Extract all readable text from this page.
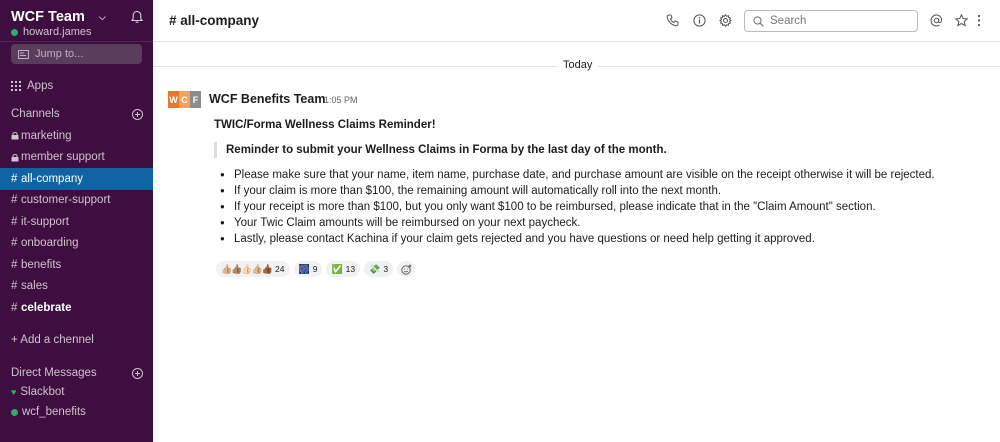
WCF Team ⌵
howard.james
Jump to...
Apps
Channels
marketing
member support
# all-company
# customer-support
# it-support
# onboarding
# benefits
# sales
# celebrate
+ Add a chennel
Direct Messages
♥ Slackbot
wcf_benefits
# all-company	Search
Today
W C F WCF Benefits Team
1:05 PM
TWIC/Forma Wellness Claims Reminder!
Reminder to submit your Wellness Claims in Forma by the last day of the month.
● Please make sure that your name, item name, purchase date, and purchase amount are visible on the receipt otherwise it will be rejected.
● If your claim is more than $100, the remaining amount will automatically roll into the next month.
● If your receipt is more than $100, but you only want $100 to be reimbursed, please indicate that in the "Claim Amount" section.
● Your Twic Claim amounts will be reimbursed on your next paycheck.
● Lastly, please contact Kachina if your claim gets rejected and you have questions or need help getting it approved.
👍🏼👍🏽👍🏻👍🏼👍🏾 24 🎆 9 ✅ 13 💸 3
